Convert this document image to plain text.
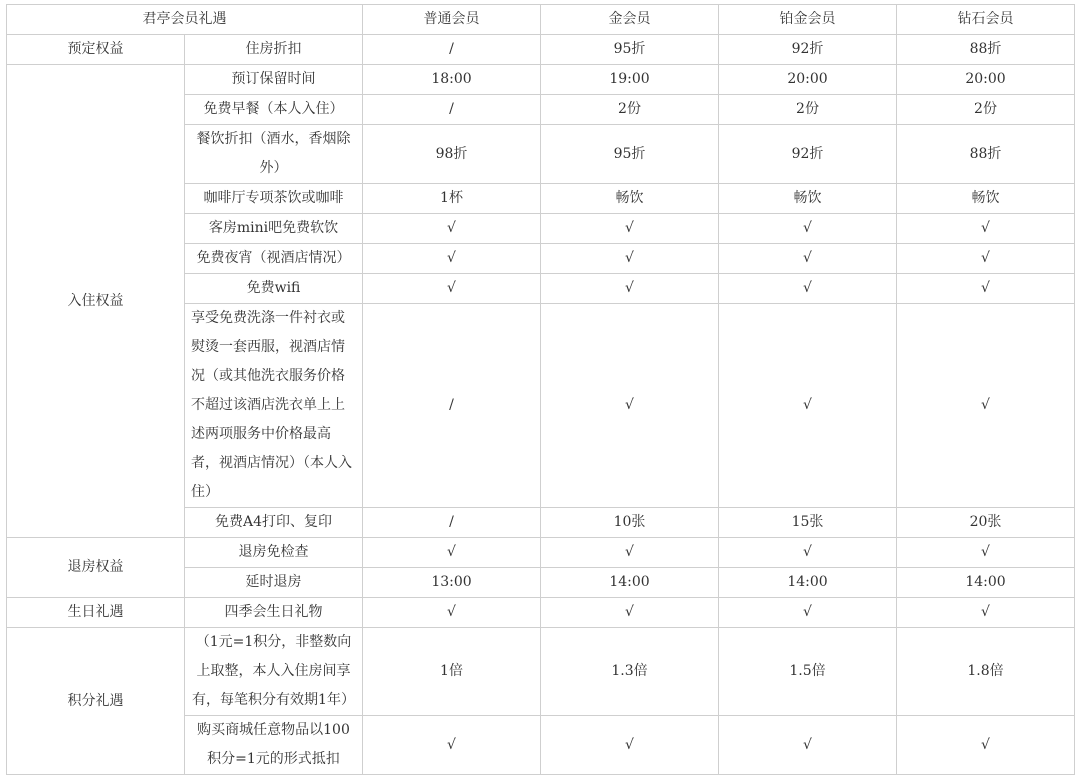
君亭会员礼遇		普通会员	金会员	铂金会员	钻石会员
预定权益	住房折扣	/	95折	92折	88折
入住权益	预订保留时间	18:00	19:00	20:00	20:00
	免费早餐（本人入住）	/	2份	2份	2份
	餐饮折扣（酒水，香烟除外）	98折	95折	92折	88折
	咖啡厅专项茶饮或咖啡	1杯	畅饮	畅饮	畅饮
	客房mini吧免费软饮	√	√	√	√
	免费夜宵（视酒店情况）	√	√	√	√
	免费wifi	√	√	√	√
	享受免费洗涤一件衬衣或熨烫一套西服，视酒店情况（或其他洗衣服务价格不超过该酒店洗衣单上上述两项服务中价格最高者，视酒店情况）（本人入住）	/	√	√	√
	免费A4打印、复印	/	10张	15张	20张
退房权益	退房免检查	√	√	√	√
	延时退房	13:00	14:00	14:00	14:00
生日礼遇	四季会生日礼物	√	√	√	√
积分礼遇	（1元=1积分，非整数向上取整，本人入住房间享有，每笔积分有效期1年）	1倍	1.3倍	1.5倍	1.8倍
	购买商城任意物品以100积分=1元的形式抵扣	√	√	√	√
